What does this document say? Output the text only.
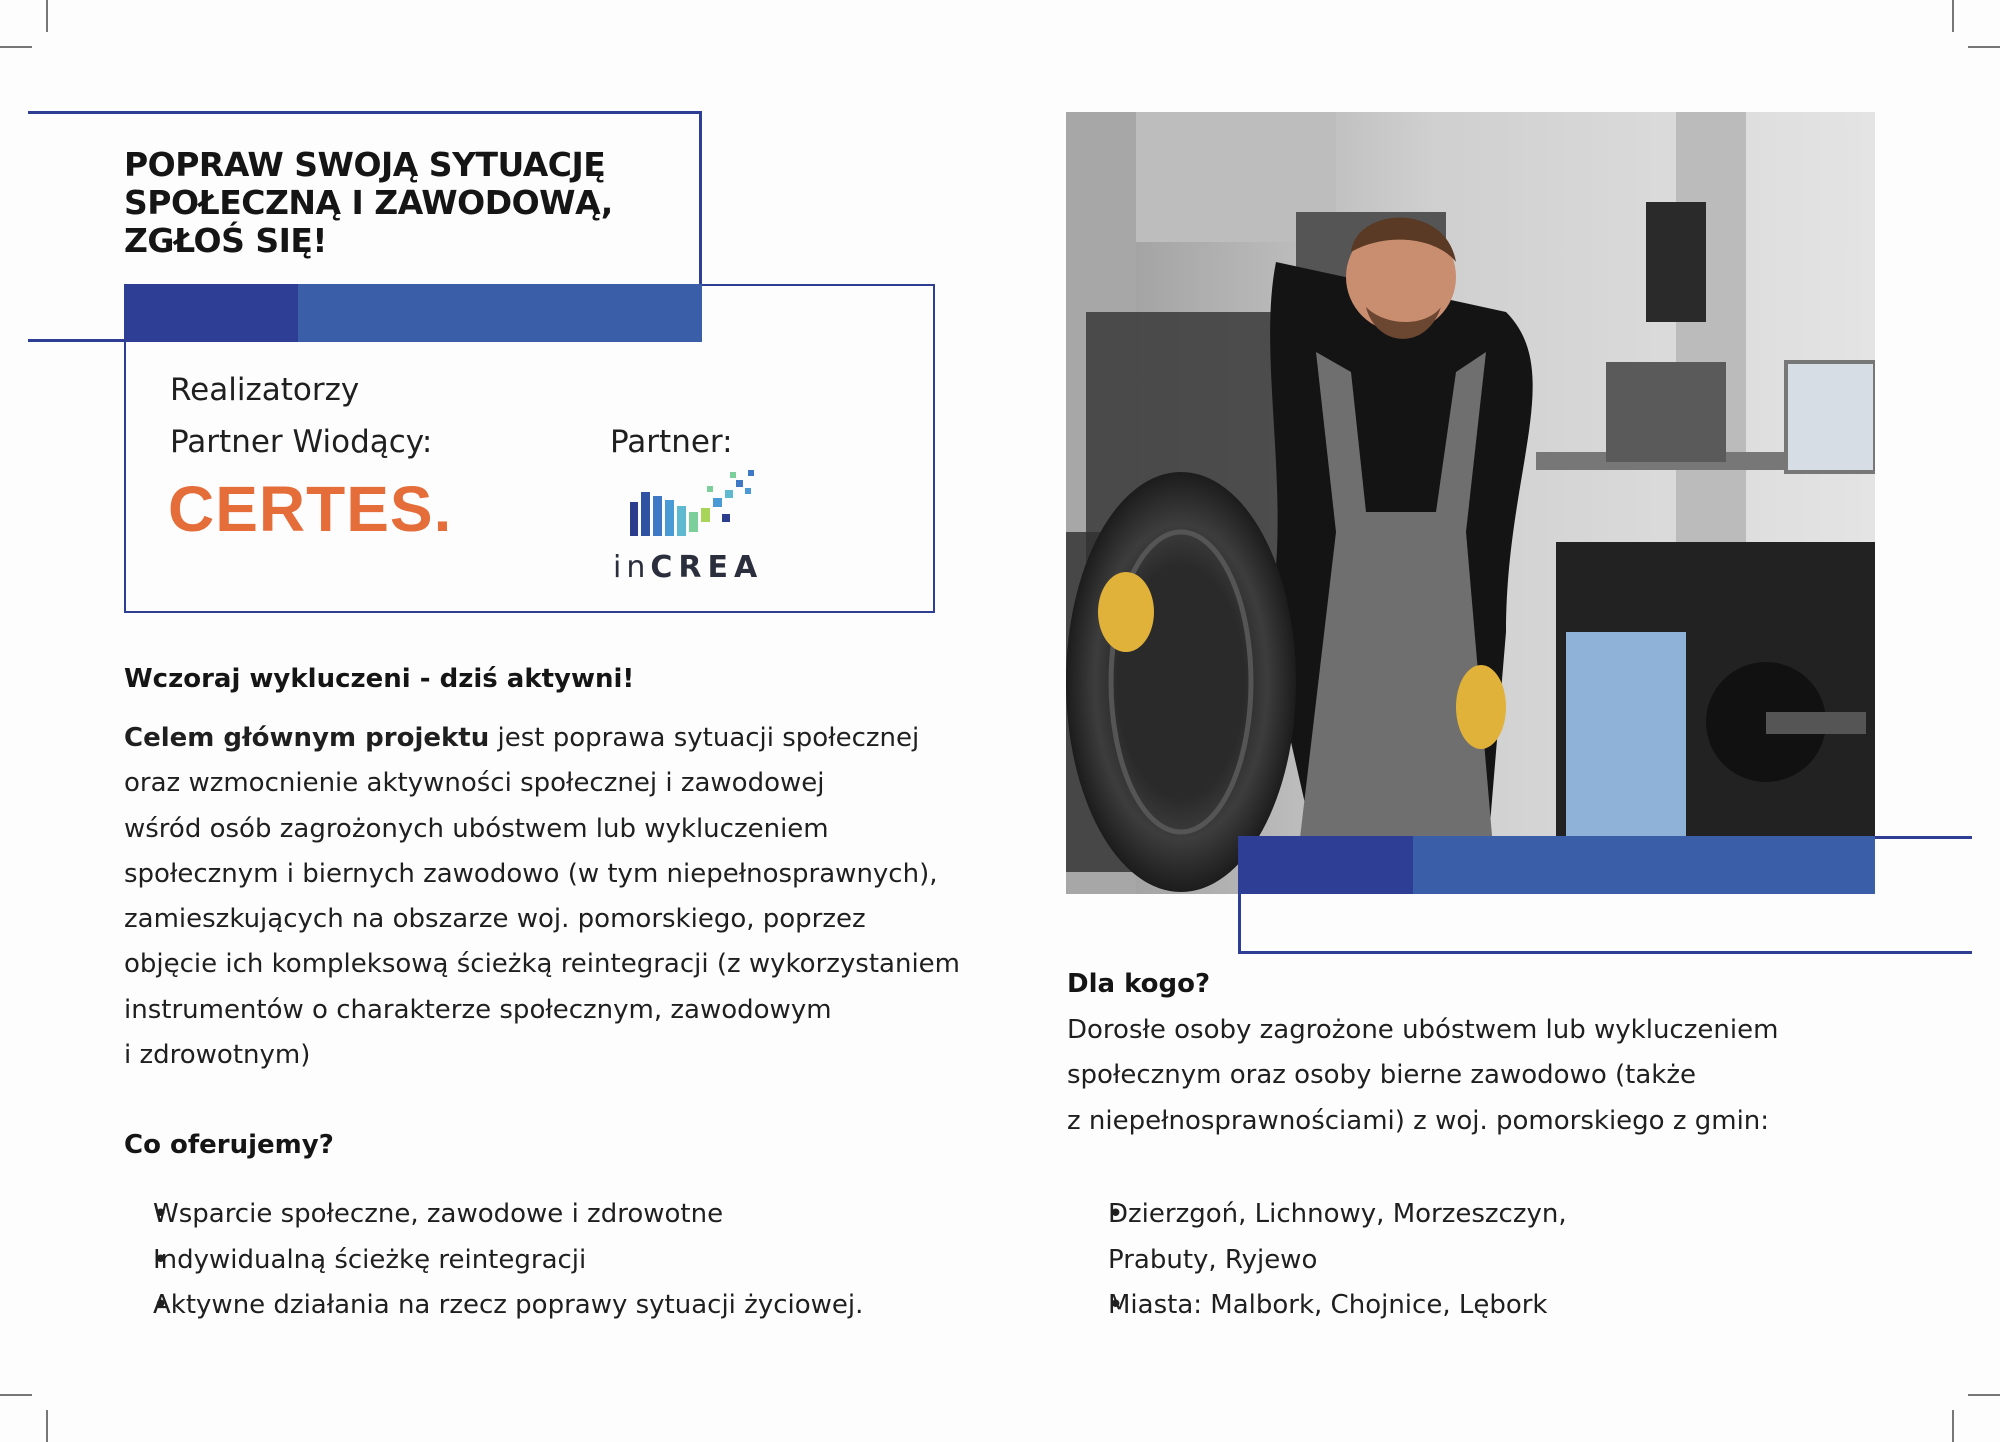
POPRAW SWOJĄ SYTUACJĘ
SPOŁECZNĄ I ZAWODOWĄ,
ZGŁOŚ SIĘ!
Realizatorzy
Partner Wiodący:	Partner:
CERTES.
inCREA
Wczoraj wykluczeni - dziś aktywni!
Celem głównym projektu jest poprawa sytuacji społecznej
oraz wzmocnienie aktywności społecznej i zawodowej
wśród osób zagrożonych ubóstwem lub wykluczeniem
społecznym i biernych zawodowo (w tym niepełnosprawnych),
zamieszkujących na obszarze woj. pomorskiego, poprzez
objęcie ich kompleksową ścieżką reintegracji (z wykorzystaniem
instrumentów o charakterze społecznym, zawodowym
i zdrowotnym)
Co oferujemy?
• Wsparcie społeczne, zawodowe i zdrowotne
• Indywidualną ścieżkę reintegracji
• Aktywne działania na rzecz poprawy sytuacji życiowej.
Dla kogo?
Dorosłe osoby zagrożone ubóstwem lub wykluczeniem
społecznym oraz osoby bierne zawodowo (także
z niepełnosprawnościami) z woj. pomorskiego z gmin:
• Dzierzgoń, Lichnowy, Morzeszczyn,
Prabuty, Ryjewo
• Miasta: Malbork, Chojnice, Lębork
